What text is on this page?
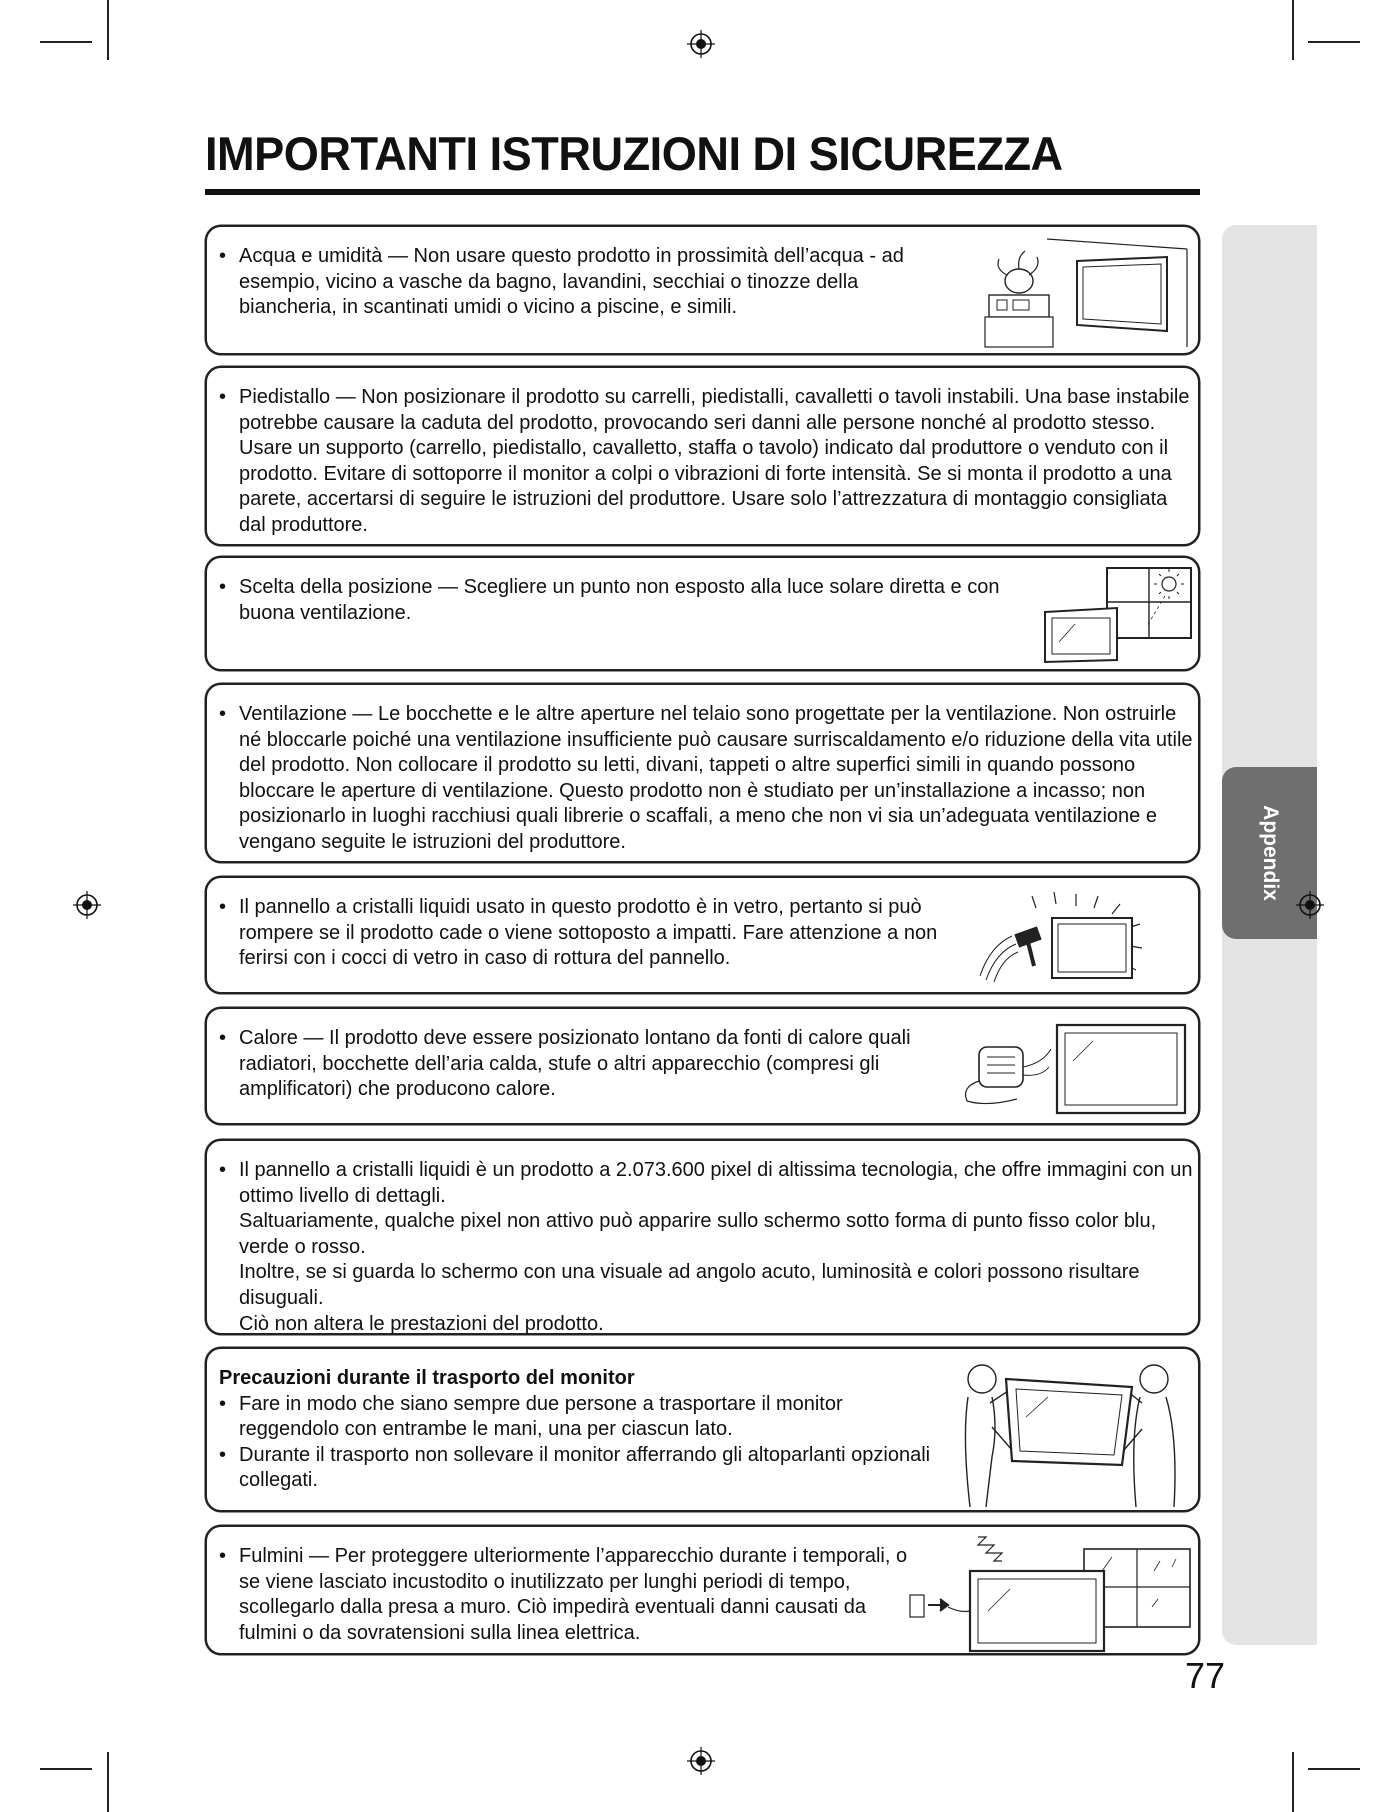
Appendix
IMPORTANTI ISTRUZIONI DI SICUREZZA
• Acqua e umidità — Non usare questo prodotto in prossimità dell’acqua - ad esempio, vicino a vasche da bagno, lavandini, secchiai o tinozze della biancheria, in scantinati umidi o vicino a piscine, e simili.
• Piedistallo — Non posizionare il prodotto su carrelli, piedistalli, cavalletti o tavoli instabili. Una base instabile potrebbe causare la caduta del prodotto, provocando seri danni alle persone nonché al prodotto stesso. Usare un supporto (carrello, piedistallo, cavalletto, staffa o tavolo) indicato dal produttore o venduto con il prodotto. Evitare di sottoporre il monitor a colpi o vibrazioni di forte intensità. Se si monta il prodotto a una parete, accertarsi di seguire le istruzioni del produttore. Usare solo l’attrezzatura di montaggio consigliata dal produttore.
• Scelta della posizione — Scegliere un punto non esposto alla luce solare diretta e con buona ventilazione.
• Ventilazione — Le bocchette e le altre aperture nel telaio sono progettate per la ventilazione. Non ostruirle né bloccarle poiché una ventilazione insufficiente può causare surriscaldamento e/o riduzione della vita utile del prodotto. Non collocare il prodotto su letti, divani, tappeti o altre superfici simili in quando possono bloccare le aperture di ventilazione. Questo prodotto non è studiato per un’installazione a incasso; non posizionarlo in luoghi racchiusi quali librerie o scaffali, a meno che non vi sia un’adeguata ventilazione e vengano seguite le istruzioni del produttore.
• Il pannello a cristalli liquidi usato in questo prodotto è in vetro, pertanto si può rompere se il prodotto cade o viene sottoposto a impatti. Fare attenzione a non ferirsi con i cocci di vetro in caso di rottura del pannello.
• Calore — Il prodotto deve essere posizionato lontano da fonti di calore quali radiatori, bocchette dell’aria calda, stufe o altri apparecchio (compresi gli amplificatori) che producono calore.
• Il pannello a cristalli liquidi è un prodotto a 2.073.600 pixel di altissima tecnologia, che offre immagini con un ottimo livello di dettagli.
Saltuariamente, qualche pixel non attivo può apparire sullo schermo sotto forma di punto fisso color blu, verde o rosso.
Inoltre, se si guarda lo schermo con una visuale ad angolo acuto, luminosità e colori possono risultare disuguali.
Ciò non altera le prestazioni del prodotto.
Precauzioni durante il trasporto del monitor
• Fare in modo che siano sempre due persone a trasportare il monitor reggendolo con entrambe le mani, una per ciascun lato.
• Durante il trasporto non sollevare il monitor afferrando gli altoparlanti opzionali collegati.
• Fulmini — Per proteggere ulteriormente l’apparecchio durante i temporali, o se viene lasciato incustodito o inutilizzato per lunghi periodi di tempo, scollegarlo dalla presa a muro. Ciò impedirà eventuali danni causati da fulmini o da sovratensioni sulla linea elettrica.
77
